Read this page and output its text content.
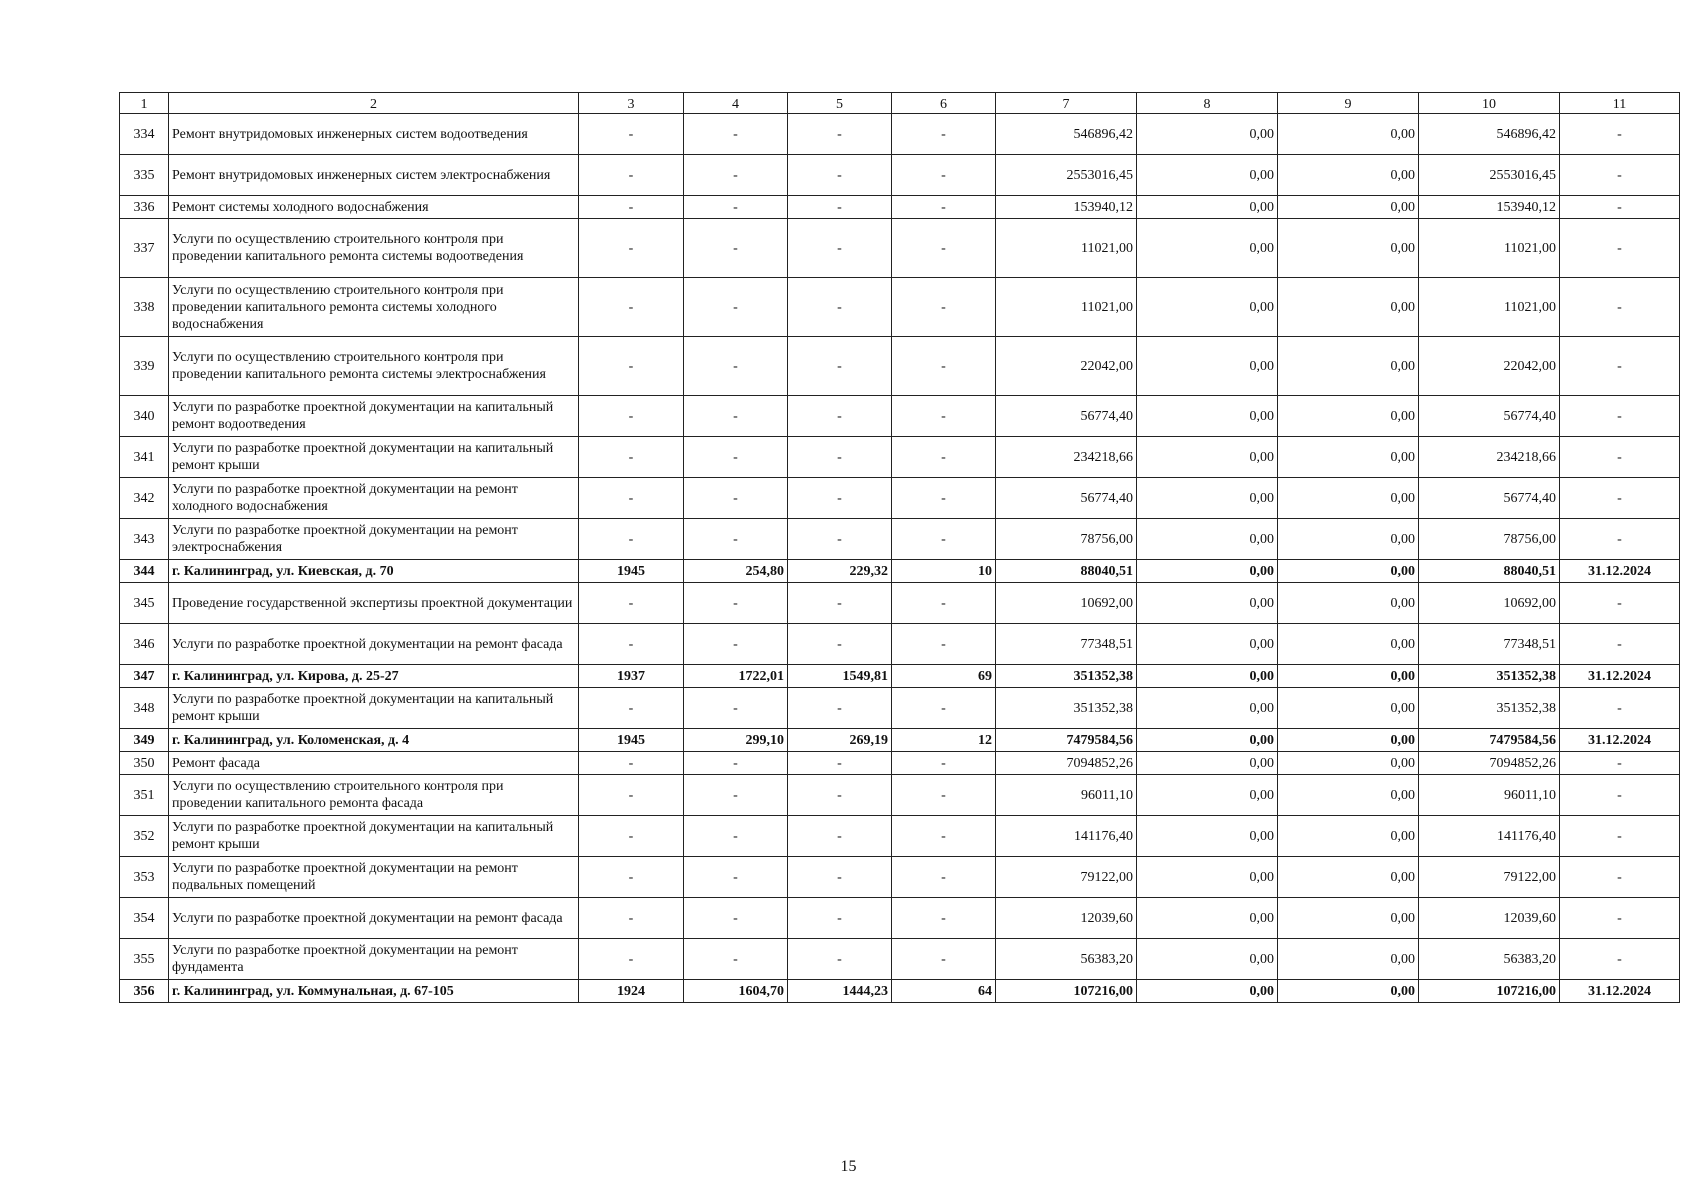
1	2	3	4	5	6	7	8	9	10	11
334	Ремонт внутридомовых инженерных систем водоотведения	-	-	-	-	546896,42	0,00	0,00	546896,42	-
335	Ремонт внутридомовых инженерных систем электроснабжения	-	-	-	-	2553016,45	0,00	0,00	2553016,45	-
336	Ремонт системы холодного водоснабжения	-	-	-	-	153940,12	0,00	0,00	153940,12	-
337	Услуги по осуществлению строительного контроля при проведении капитального ремонта системы водоотведения	-	-	-	-	11021,00	0,00	0,00	11021,00	-
338	Услуги по осуществлению строительного контроля при проведении капитального ремонта системы холодного водоснабжения	-	-	-	-	11021,00	0,00	0,00	11021,00	-
339	Услуги по осуществлению строительного контроля при проведении капитального ремонта системы электроснабжения	-	-	-	-	22042,00	0,00	0,00	22042,00	-
340	Услуги по разработке проектной документации на капитальный ремонт водоотведения	-	-	-	-	56774,40	0,00	0,00	56774,40	-
341	Услуги по разработке проектной документации на капитальный ремонт крыши	-	-	-	-	234218,66	0,00	0,00	234218,66	-
342	Услуги по разработке проектной документации на ремонт холодного водоснабжения	-	-	-	-	56774,40	0,00	0,00	56774,40	-
343	Услуги по разработке проектной документации на ремонт электроснабжения	-	-	-	-	78756,00	0,00	0,00	78756,00	-
344	г. Калининград, ул. Киевская, д. 70	1945	254,80	229,32	10	88040,51	0,00	0,00	88040,51	31.12.2024
345	Проведение государственной экспертизы проектной документации	-	-	-	-	10692,00	0,00	0,00	10692,00	-
346	Услуги по разработке проектной документации на ремонт фасада	-	-	-	-	77348,51	0,00	0,00	77348,51	-
347	г. Калининград, ул. Кирова, д. 25-27	1937	1722,01	1549,81	69	351352,38	0,00	0,00	351352,38	31.12.2024
348	Услуги по разработке проектной документации на капитальный ремонт крыши	-	-	-	-	351352,38	0,00	0,00	351352,38	-
349	г. Калининград, ул. Коломенская, д. 4	1945	299,10	269,19	12	7479584,56	0,00	0,00	7479584,56	31.12.2024
350	Ремонт фасада	-	-	-	-	7094852,26	0,00	0,00	7094852,26	-
351	Услуги по осуществлению строительного контроля при проведении капитального ремонта фасада	-	-	-	-	96011,10	0,00	0,00	96011,10	-
352	Услуги по разработке проектной документации на капитальный ремонт крыши	-	-	-	-	141176,40	0,00	0,00	141176,40	-
353	Услуги по разработке проектной документации на ремонт подвальных помещений	-	-	-	-	79122,00	0,00	0,00	79122,00	-
354	Услуги по разработке проектной документации на ремонт фасада	-	-	-	-	12039,60	0,00	0,00	12039,60	-
355	Услуги по разработке проектной документации на ремонт фундамента	-	-	-	-	56383,20	0,00	0,00	56383,20	-
356	г. Калининград, ул. Коммунальная, д. 67-105	1924	1604,70	1444,23	64	107216,00	0,00	0,00	107216,00	31.12.2024
15
